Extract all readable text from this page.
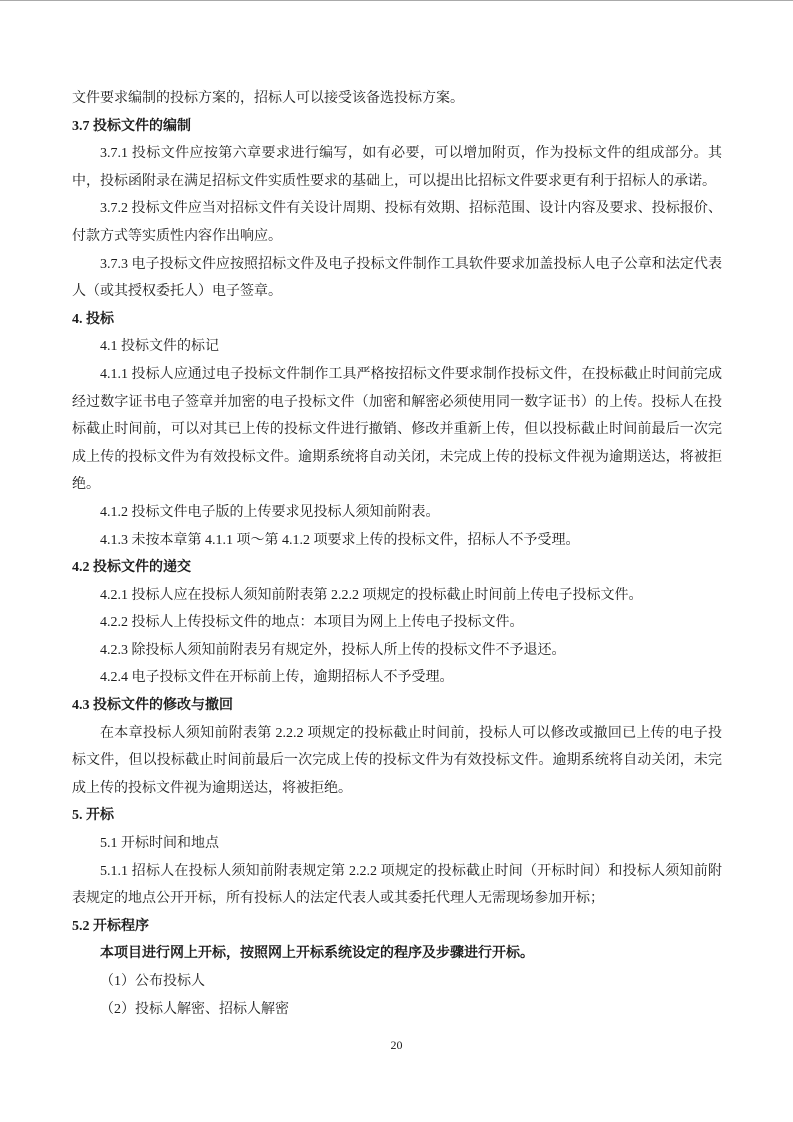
文件要求编制的投标方案的，招标人可以接受该备选投标方案。

3.7 投标文件的编制

3.7.1 投标文件应按第六章要求进行编写，如有必要，可以增加附页，作为投标文件的组成部分。其中，投标函附录在满足招标文件实质性要求的基础上，可以提出比招标文件要求更有利于招标人的承诺。

3.7.2 投标文件应当对招标文件有关设计周期、投标有效期、招标范围、设计内容及要求、投标报价、付款方式等实质性内容作出响应。

3.7.3 电子投标文件应按照招标文件及电子投标文件制作工具软件要求加盖投标人电子公章和法定代表人（或其授权委托人）电子签章。

4. 投标

4.1 投标文件的标记

4.1.1 投标人应通过电子投标文件制作工具严格按招标文件要求制作投标文件，在投标截止时间前完成经过数字证书电子签章并加密的电子投标文件（加密和解密必须使用同一数字证书）的上传。投标人在投标截止时间前，可以对其已上传的投标文件进行撤销、修改并重新上传，但以投标截止时间前最后一次完成上传的投标文件为有效投标文件。逾期系统将自动关闭，未完成上传的投标文件视为逾期送达，将被拒绝。

4.1.2 投标文件电子版的上传要求见投标人须知前附表。

4.1.3 未按本章第 4.1.1 项～第 4.1.2 项要求上传的投标文件，招标人不予受理。

4.2 投标文件的递交

4.2.1 投标人应在投标人须知前附表第 2.2.2 项规定的投标截止时间前上传电子投标文件。

4.2.2 投标人上传投标文件的地点：本项目为网上上传电子投标文件。

4.2.3 除投标人须知前附表另有规定外，投标人所上传的投标文件不予退还。

4.2.4 电子投标文件在开标前上传，逾期招标人不予受理。

4.3 投标文件的修改与撤回

在本章投标人须知前附表第 2.2.2 项规定的投标截止时间前，投标人可以修改或撤回已上传的电子投标文件，但以投标截止时间前最后一次完成上传的投标文件为有效投标文件。逾期系统将自动关闭，未完成上传的投标文件视为逾期送达，将被拒绝。

5. 开标

5.1 开标时间和地点

5.1.1 招标人在投标人须知前附表规定第 2.2.2 项规定的投标截止时间（开标时间）和投标人须知前附表规定的地点公开开标，所有投标人的法定代表人或其委托代理人无需现场参加开标；

5.2 开标程序

本项目进行网上开标，按照网上开标系统设定的程序及步骤进行开标。

（1）公布投标人

（2）投标人解密、招标人解密

20
